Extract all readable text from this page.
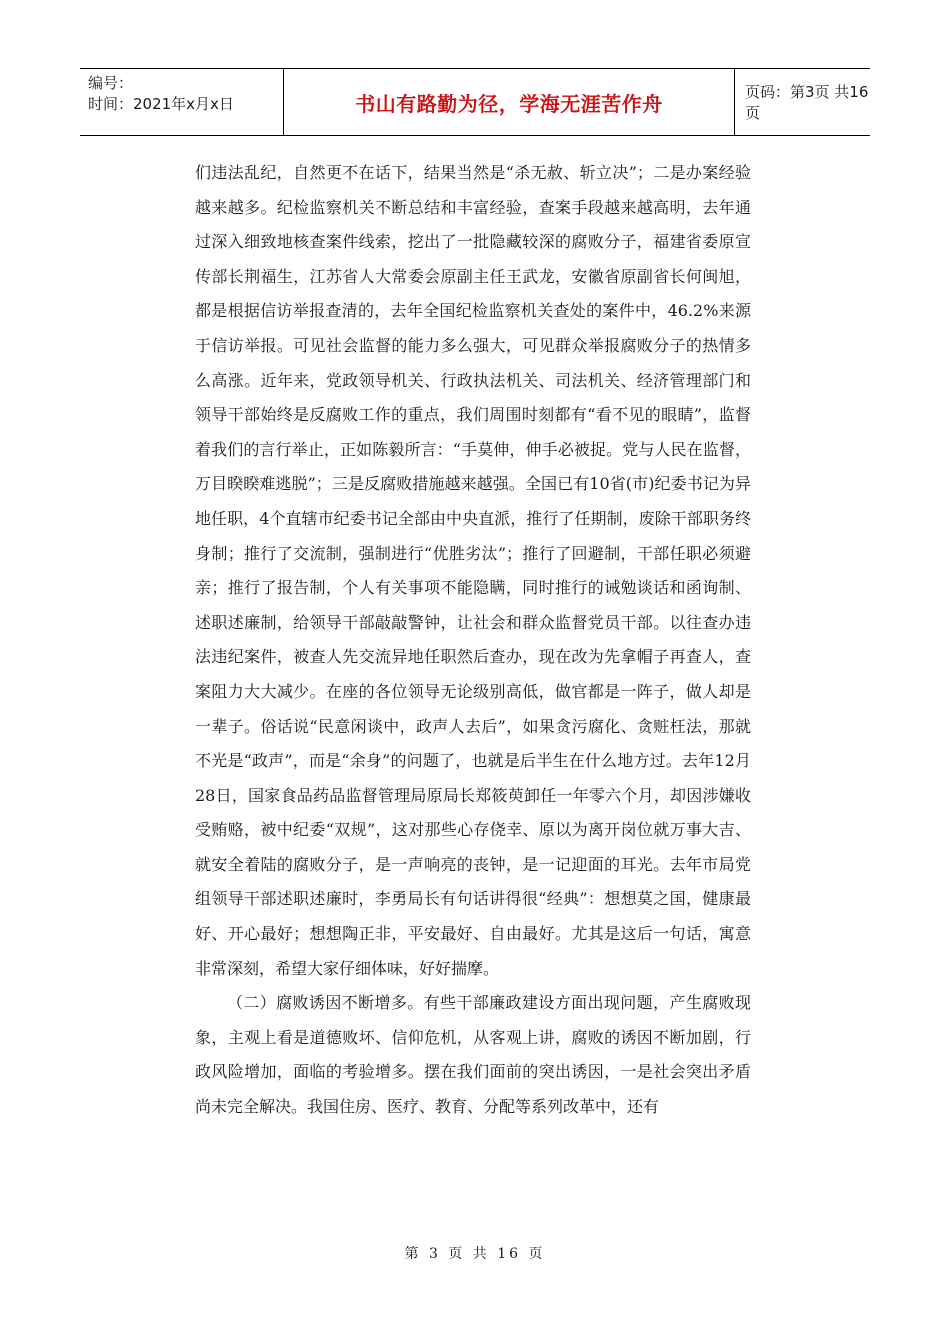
编号：
时间：2021年x月x日	书山有路勤为径，学海无涯苦作舟	页码：第3页 共16页

们违法乱纪，自然更不在话下，结果当然是“杀无赦、斩立决”；二是办案经验越来越多。纪检监察机关不断总结和丰富经验，查案手段越来越高明，去年通过深入细致地核查案件线索，挖出了一批隐藏较深的腐败分子，福建省委原宣传部长荆福生，江苏省人大常委会原副主任王武龙，安徽省原副省长何闽旭，都是根据信访举报查清的，去年全国纪检监察机关查处的案件中，46.2%来源于信访举报。可见社会监督的能力多么强大，可见群众举报腐败分子的热情多么高涨。近年来，党政领导机关、行政执法机关、司法机关、经济管理部门和领导干部始终是反腐败工作的重点，我们周围时刻都有“看不见的眼睛”，监督着我们的言行举止，正如陈毅所言：“手莫伸，伸手必被捉。党与人民在监督，万目睽睽难逃脱”；三是反腐败措施越来越强。全国已有10省(市)纪委书记为异地任职，4个直辖市纪委书记全部由中央直派，推行了任期制，废除干部职务终身制；推行了交流制，强制进行“优胜劣汰”；推行了回避制，干部任职必须避亲；推行了报告制，个人有关事项不能隐瞒，同时推行的诫勉谈话和函询制、述职述廉制，给领导干部敲敲警钟，让社会和群众监督党员干部。以往查办违法违纪案件，被查人先交流异地任职然后查办，现在改为先拿帽子再查人，查案阻力大大减少。在座的各位领导无论级别高低，做官都是一阵子，做人却是一辈子。俗话说“民意闲谈中，政声人去后”，如果贪污腐化、贪赃枉法，那就不光是“政声”，而是“余身”的问题了，也就是后半生在什么地方过。去年12月28日，国家食品药品监督管理局原局长郑筱萸卸任一年零六个月，却因涉嫌收受贿赂，被中纪委“双规”，这对那些心存侥幸、原以为离开岗位就万事大吉、就安全着陆的腐败分子，是一声响亮的丧钟，是一记迎面的耳光。去年市局党组领导干部述职述廉时，李勇局长有句话讲得很“经典”：想想莫之国，健康最好、开心最好；想想陶正非，平安最好、自由最好。尤其是这后一句话，寓意非常深刻，希望大家仔细体味，好好揣摩。

（二）腐败诱因不断增多。有些干部廉政建设方面出现问题，产生腐败现象，主观上看是道德败坏、信仰危机，从客观上讲，腐败的诱因不断加剧，行政风险增加，面临的考验增多。摆在我们面前的突出诱因，一是社会突出矛盾尚未完全解决。我国住房、医疗、教育、分配等系列改革中，还有

第 3 页 共 16 页
